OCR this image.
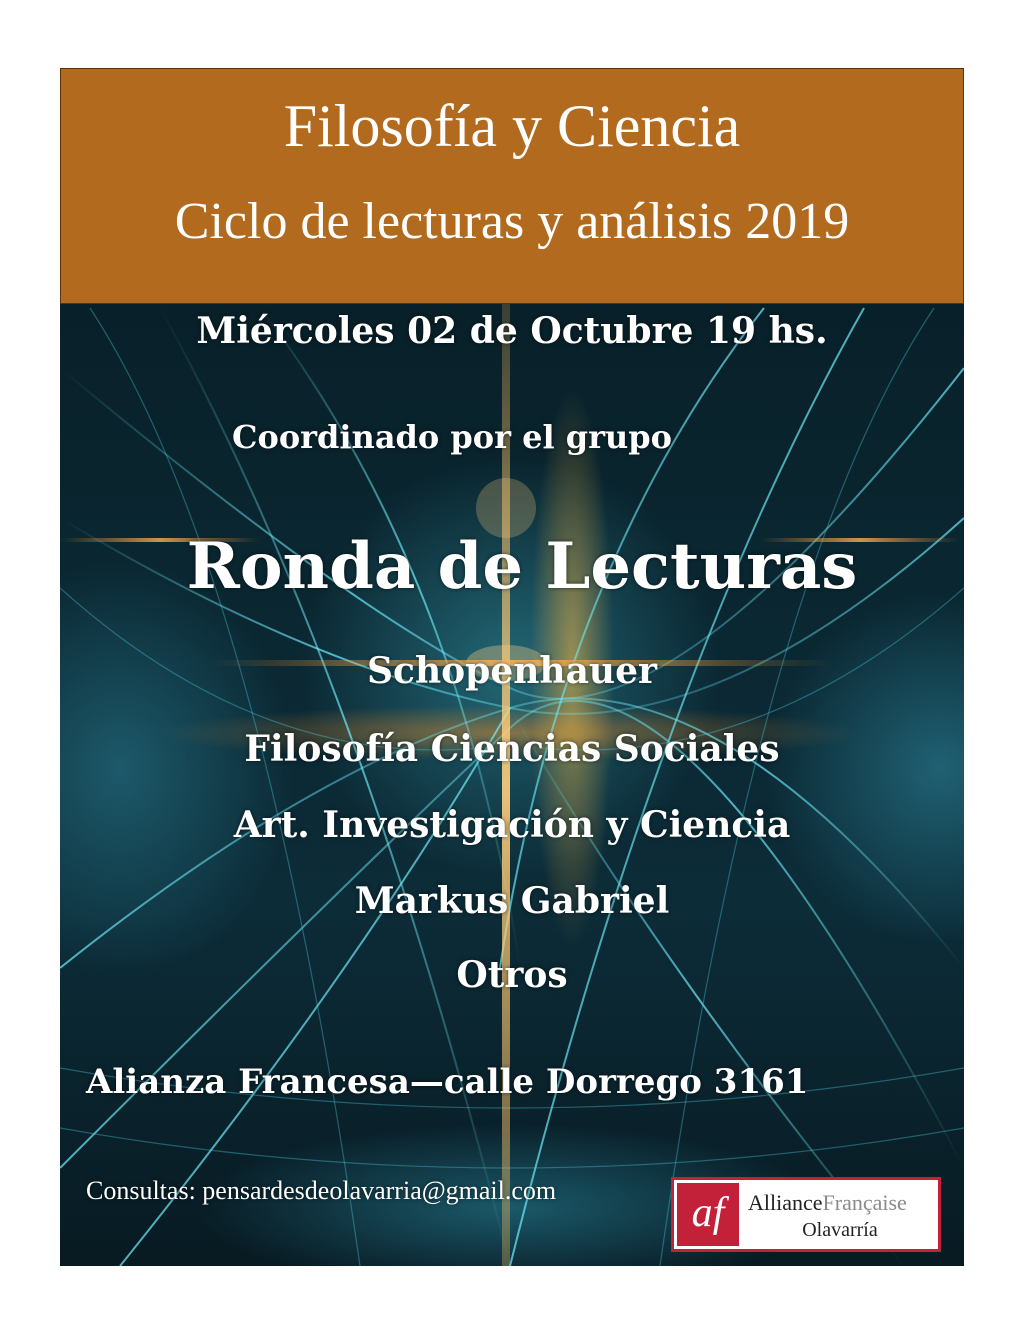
Filosofía y Ciencia
Ciclo de lecturas y análisis 2019
Miércoles 02 de Octubre 19 hs.
Coordinado por el grupo
Ronda de Lecturas
Schopenhauer
Filosofía Ciencias Sociales
Art. Investigación y Ciencia
Markus Gabriel
Otros
Alianza Francesa—calle Dorrego 3161
Consultas: pensardesdeolavarria@gmail.com	af	AllianceFrançaise
Olavarría
